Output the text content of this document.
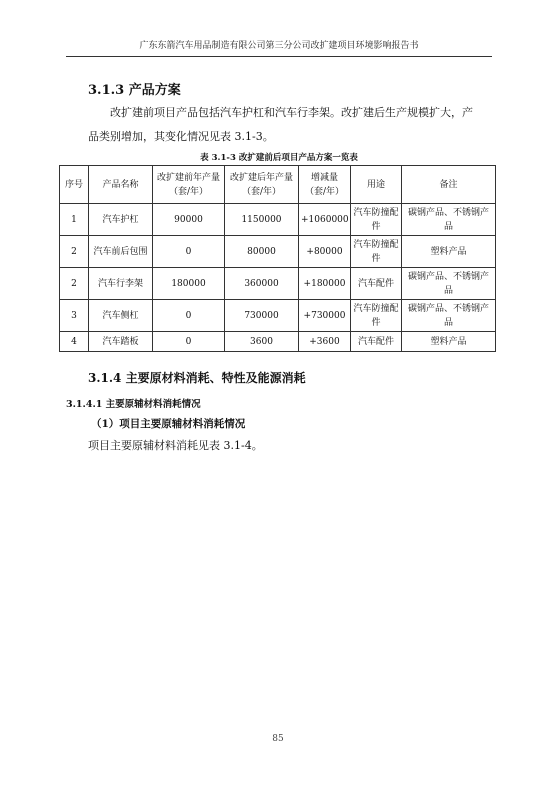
广东东箭汽车用品制造有限公司第三分公司改扩建项目环境影响报告书
3.1.3 产品方案
改扩建前项目产品包括汽车护杠和汽车行李架。改扩建后生产规模扩大，产品类别增加，其变化情况见表 3.1-3。
表 3.1-3 改扩建前后项目产品方案一览表
序号	产品名称	改扩建前年产量（套/年）	改扩建后年产量（套/年）	增减量（套/年）	用途	备注
1	汽车护杠	90000	1150000	+1060000	汽车防撞配件	碳钢产品、不锈钢产品
2	汽车前后包围	0	80000	+80000	汽车防撞配件	塑料产品
2	汽车行李架	180000	360000	+180000	汽车配件	碳钢产品、不锈钢产品
3	汽车侧杠	0	730000	+730000	汽车防撞配件	碳钢产品、不锈钢产品
4	汽车踏板	0	3600	+3600	汽车配件	塑料产品
3.1.4 主要原材料消耗、特性及能源消耗
3.1.4.1 主要原辅材料消耗情况
（1）项目主要原辅材料消耗情况
项目主要原辅材料消耗见表 3.1-4。
85
